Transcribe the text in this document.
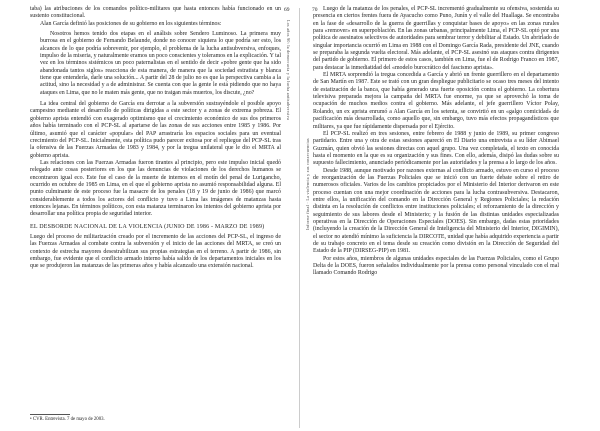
taba) las atribuciones de los comandos político-militares que hasta entonces había funcionado en un sustento constitucional.

Alan García definió las posiciones de su gobierno en los siguientes términos:

Nosotros hemos tenido dos etapas en el análisis sobre Sendero Luminoso. La primera muy burrosa en el gobierno de Fernando Belaunde, donde no conocer siquiera lo que podría ser esto, los alcances de lo que podría sobrevenir, por ejemplo, el problema de la lucha antisubversiva, enfoques, impulso de la miseria, y naturalmente eramos un poco conscientes y toleramos en la explicación. Y tal vez en los términos sistémicos un poco paternalistas en el sentido de decir «pobre gente que ha sido abandonada tantos siglos» reacciona de esta manera, de manera que la sociedad estratista y blanca tiene que entenderla, darle una solución... A partir del 28 de julio no es que la perspectiva cambia a la actitud, sino la necesidad y a de administrar. Se cuenta con que la gente le está pidiendo que no haya ataques en Lima, que no le maten más gente, que no traigan más muertos, los discute, ¿no?

La idea central del gobierno de García era derrotar a la subversión sustrayéndole el posible apoyo campesino mediante el desarrollo de políticas dirigidas a este sector y a zonas de extrema pobreza. El gobierno aprista entendió con exagerado optimismo que el crecimiento económico de sus dos primeros años había terminado con el PCP-SL al apartarse de las zonas de sus acciones entre 1985 y 1986. Por último, asumió que el carácter «popular» del PAP arrastraría los espacios sociales para un eventual crecimiento del PCP-SL. Inicialmente, esta política pudo parecer exitosa por el repliegue del PCP-SL tras la ofensiva de las Fuerzas Armadas de 1983 y 1984, y por la tregua unilateral que le dio el MRTA al gobierno aprista.

Las relaciones con las Fuerzas Armadas fueron tirantes al principio, pero este impulso inicial quedó relegado ante cosas posteriores en los que las denuncias de violaciones de los derechos humanos se encontraron igual eco. Este fue el caso de la muerte de internos en el motín del penal de Lurigancho, ocurrido en octubre de 1985 en Lima, en el que el gobierno aprista no asumió responsabilidad alguna. El punto culminante de este proceso fue la masacre de los penales (18 y 19 de junio de 1986) que marcó considerablemente a todos los actores del conflicto y tuvo a Lima las imágenes de matanzas hasta entonces lejanas. En términos políticos, con esta matanza terminaron los intentos del gobierno aprista por desarrollar una política propia de seguridad interior.

EL DESBORDE NACIONAL DE LA VIOLENCIA (JUNIO DE 1986 - MARZO DE 1989)

Luego del proceso de militarización creado por el incremento de las acciones del PCP-SL, el ingreso de las Fuerzas Armadas al combate contra la subversión y el inicio de las acciones del MRTA, se creó un contexto de estrecha mayores desestrabilizan sus propias estrategias en el terreno. A partir de 1986, sin embargo, fue evidente que el conflicto armado interno había salido de los departamentos iniciales en los que se produjeron las matanzas de las primeras años y había alcanzado una extensión nacional.

• CVR. Entrevista. 7 de mayo de 2003.
69
Los años 90: la democracia y la lucha antisubversiva
70
Informe final · La violencia y sus consecuencias

Luego de la matanza de los penales, el PCP-SL incrementó gradualmente su ofensiva, sostenida su presencia en ciertos frentes fuera de Ayacucho como Puno, Junín y el valle del Huallaga. Se encontraba en la fase de «desarrollo de la guerra de guerrillas y conquistar bases de apoyo» en las zonas rurales para «remover» en superpoblación. En las zonas urbanas, principalmente Lima, el PCP-SL optó por una política de asesinatos selectivos de autoridades para sembrar terror y debilitar al Estado. Un abrirlado de singular importancia ocurrió en Lima en 1988 con el Domingo García Rada, presidente del JNE, cuando se preparaba la segunda vuelta electoral. Más adelante, el PCP-SL asesinó sus ataques contra dirigentes del partido de gobierno. El primero de estos casos, también en Lima, fue el de Rodrigo Franco en 1987, para destacar la inmediatidad del «modelo burocrático del fascismo aprista».

El MRTA sorprendió la tregua concedida a García y abrió un frente guerrillero en el departamento de San Martín en 1987. Este se trató con un gran despliegue publicitario se ocaso tres meses del intento de estatización de la banca, que había generado una fuerte oposición contra el gobierno. La cobertura televisiva preparada mejora la campaña del MRTA fue enorme, ya que se aprovechó la toma de ocupación de muchos medios contra el gobierno. Más adelante, el jefe guerrillero Víctor Polay, Rolando, un ex aprista enrumó a Alan García en los setenta, se convirtió en un «galgo comicidad» de pacificación más desarrollada, como aquello que, sin embargo, tuvo más efectos propagandísticos que militares, ya que fue rápidamente dispersada por el Ejército.

El PCP-SL realizó en tres sesiones, entre febrero de 1988 y junio de 1989, su primer congreso partidario. Entre una y otra de estas sesiones apareció en El Diario una entrevista a su líder Abimael Guzmán, quien obvió las sesiones directas con aquel grupo. Una vez completada, el texto en conocida hasta el momento en la que es su organización y sus fines. Con ello, además, disipó las dudas sobre su supuesto fallecimiento, anunciado periódicamente por las autoridades y la prensa a lo largo de los años.

Desde 1988, aunque motivado por razones externas al conflicto armado, estuvo en curso el proceso de reorganización de las Fuerzas Policiales que se inició con un fuerte debate sobre el retiro de numerosos oficiales. Varios de los cambios propiciados por el Ministerio del Interior derivaron en este proceso cuentan con una mejor coordinación de acciones para la lucha contrasubversiva. Destacaron, entre ellos, la unificación del comando en la Dirección General y Regiones Policiales; la redación distinta en la resolución de conflictos entre instituciones policiales; el reforzamiento de la dirección y seguimiento de sus labores desde el Ministerio; y la fusión de las distintas unidades especializadas operativas en la Dirección de Operaciones Especiales (DOES). Sin embargo, dadas estas prioridades (incluyendo la creación de la Dirección General de Inteligencia del Ministerio del Interior, DIGIMIN), el sector no atendió mínimo la suficiencia la DIRCOTE, unidad que había adquirido experiencia a partir de su trabajo concreto en el tema desde su creación como división en la Dirección de Seguridad del Estado de la PIP (DIRSEG-PIP) en 1981.

Por estos años, miembros de algunas unidades especiales de las Fuerzas Policiales, como el Grupo Delta de la DOES, fueron señalados individualmente por la prensa como personal vinculado con el mal llamado Comando Rodrigo
